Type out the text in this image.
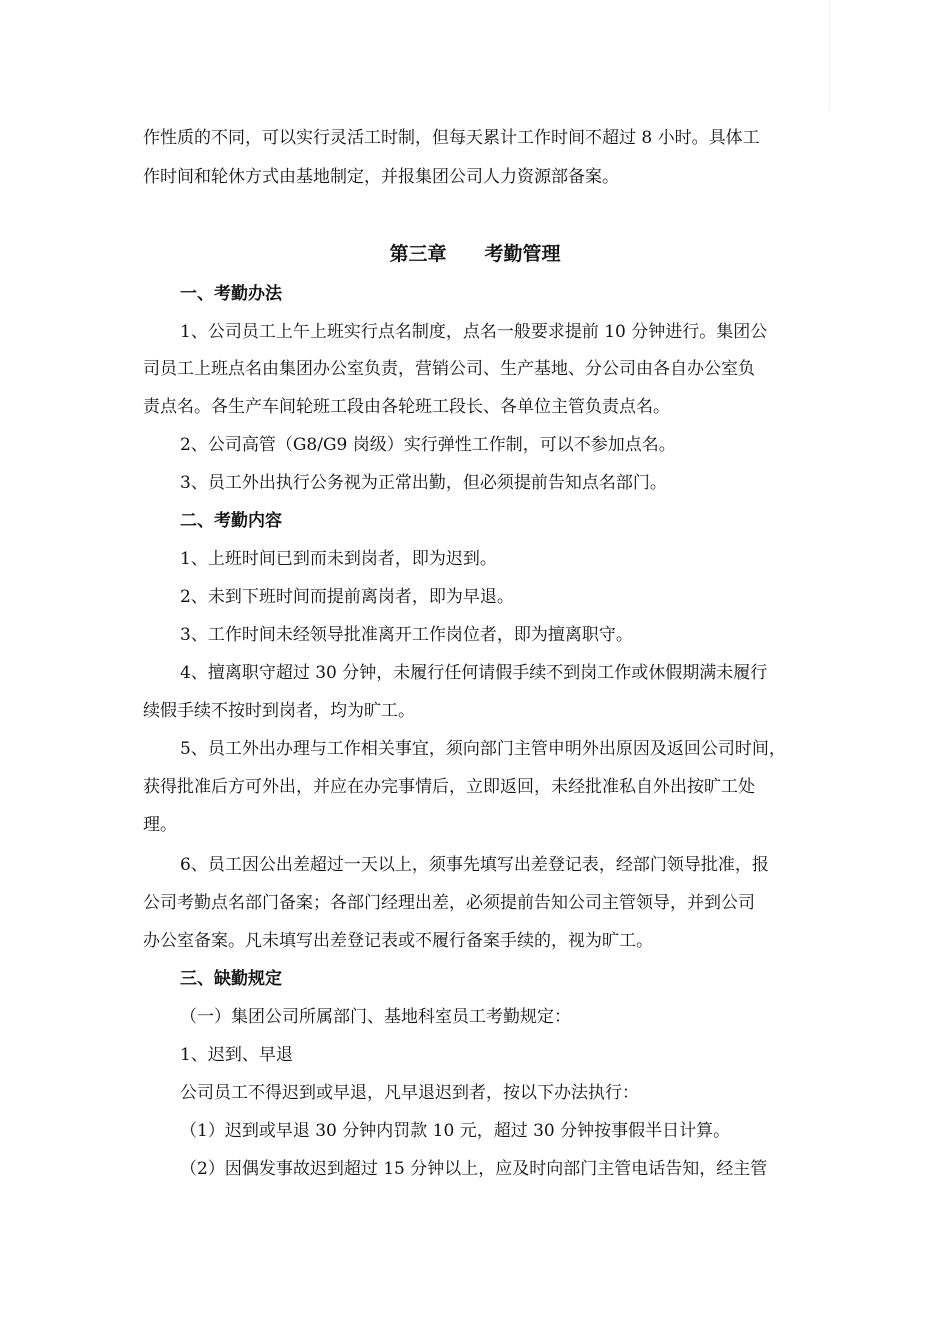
作性质的不同，可以实行灵活工时制，但每天累计工作时间不超过 8 小时。具体工
作时间和轮休方式由基地制定，并报集团公司人力资源部备案。
第三章　　考勤管理
一、考勤办法
1、公司员工上午上班实行点名制度，点名一般要求提前 10 分钟进行。集团公
司员工上班点名由集团办公室负责，营销公司、生产基地、分公司由各自办公室负
责点名。各生产车间轮班工段由各轮班工段长、各单位主管负责点名。
2、公司高管（G8/G9 岗级）实行弹性工作制，可以不参加点名。
3、员工外出执行公务视为正常出勤，但必须提前告知点名部门。
二、考勤内容
1、上班时间已到而未到岗者，即为迟到。
2、未到下班时间而提前离岗者，即为早退。
3、工作时间未经领导批准离开工作岗位者，即为擅离职守。
4、擅离职守超过 30 分钟，未履行任何请假手续不到岗工作或休假期满未履行
续假手续不按时到岗者，均为旷工。
5、员工外出办理与工作相关事宜，须向部门主管申明外出原因及返回公司时间，
获得批准后方可外出，并应在办完事情后，立即返回，未经批准私自外出按旷工处
理。
6、员工因公出差超过一天以上，须事先填写出差登记表，经部门领导批准，报
公司考勤点名部门备案；各部门经理出差，必须提前告知公司主管领导，并到公司
办公室备案。凡未填写出差登记表或不履行备案手续的，视为旷工。
三、缺勤规定
（一）集团公司所属部门、基地科室员工考勤规定：
1、迟到、早退
公司员工不得迟到或早退，凡早退迟到者，按以下办法执行：
（1）迟到或早退 30 分钟内罚款 10 元，超过 30 分钟按事假半日计算。
（2）因偶发事故迟到超过 15 分钟以上，应及时向部门主管电话告知，经主管
